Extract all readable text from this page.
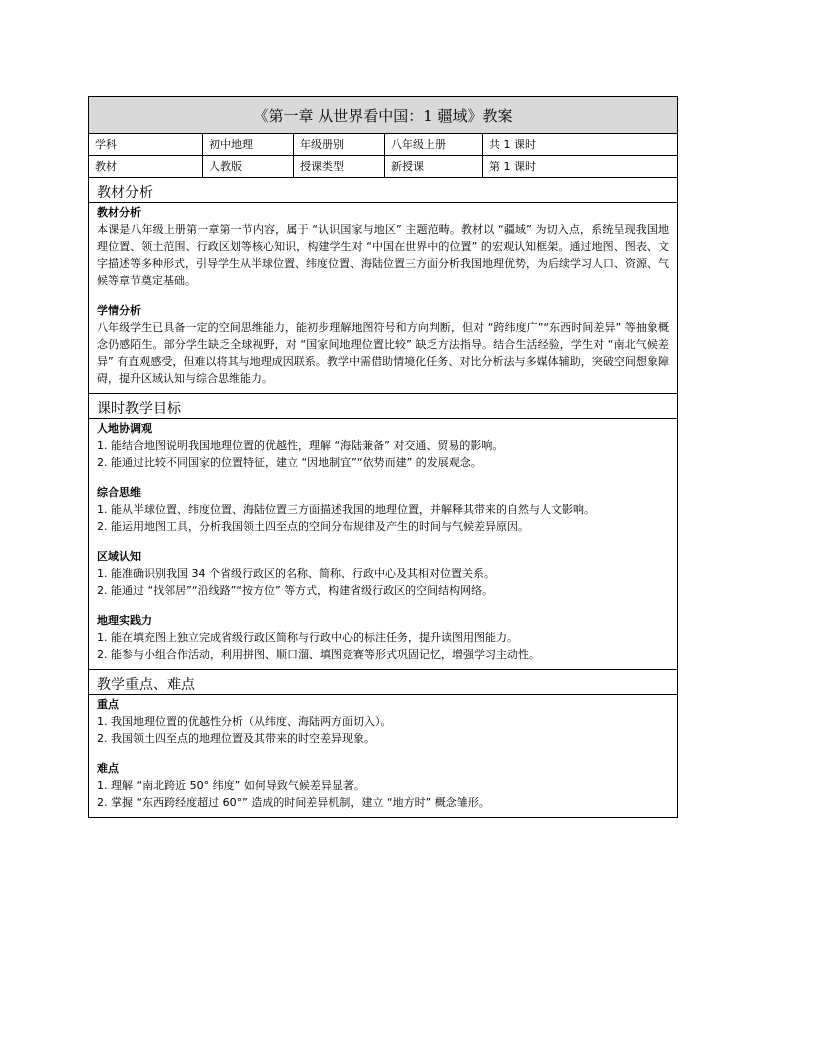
《第一章 从世界看中国：1 疆域》教案
学科	初中地理	年级册别	八年级上册	共 1 课时
教材	人教版	授课类型	新授课	第 1 课时
教材分析
教材分析
本课是八年级上册第一章第一节内容，属于 “认识国家与地区” 主题范畴。教材以 “疆域” 为切入点，系统呈现我国地理位置、领土范围、行政区划等核心知识，构建学生对 “中国在世界中的位置” 的宏观认知框架。通过地图、图表、文字描述等多种形式，引导学生从半球位置、纬度位置、海陆位置三方面分析我国地理优势，为后续学习人口、资源、气候等章节奠定基础。
学情分析
八年级学生已具备一定的空间思维能力，能初步理解地图符号和方向判断，但对 “跨纬度广”“东西时间差异” 等抽象概念仍感陌生。部分学生缺乏全球视野，对 “国家间地理位置比较” 缺乏方法指导。结合生活经验，学生对 “南北气候差异” 有直观感受，但难以将其与地理成因联系。教学中需借助情境化任务、对比分析法与多媒体辅助，突破空间想象障碍，提升区域认知与综合思维能力。
课时教学目标
人地协调观
1. 能结合地图说明我国地理位置的优越性，理解 “海陆兼备” 对交通、贸易的影响。
2. 能通过比较不同国家的位置特征，建立 “因地制宜”“依势而建” 的发展观念。
综合思维
1. 能从半球位置、纬度位置、海陆位置三方面描述我国的地理位置，并解释其带来的自然与人文影响。
2. 能运用地图工具，分析我国领土四至点的空间分布规律及产生的时间与气候差异原因。
区域认知
1. 能准确识别我国 34 个省级行政区的名称、简称、行政中心及其相对位置关系。
2. 能通过 “找邻居”“沿线路”“按方位” 等方式，构建省级行政区的空间结构网络。
地理实践力
1. 能在填充图上独立完成省级行政区简称与行政中心的标注任务，提升读图用图能力。
2. 能参与小组合作活动，利用拼图、顺口溜、填图竞赛等形式巩固记忆，增强学习主动性。
教学重点、难点
重点
1. 我国地理位置的优越性分析（从纬度、海陆两方面切入）。
2. 我国领土四至点的地理位置及其带来的时空差异现象。
难点
1. 理解 “南北跨近 50° 纬度” 如何导致气候差异显著。
2. 掌握 “东西跨经度超过 60°” 造成的时间差异机制，建立 “地方时” 概念雏形。
